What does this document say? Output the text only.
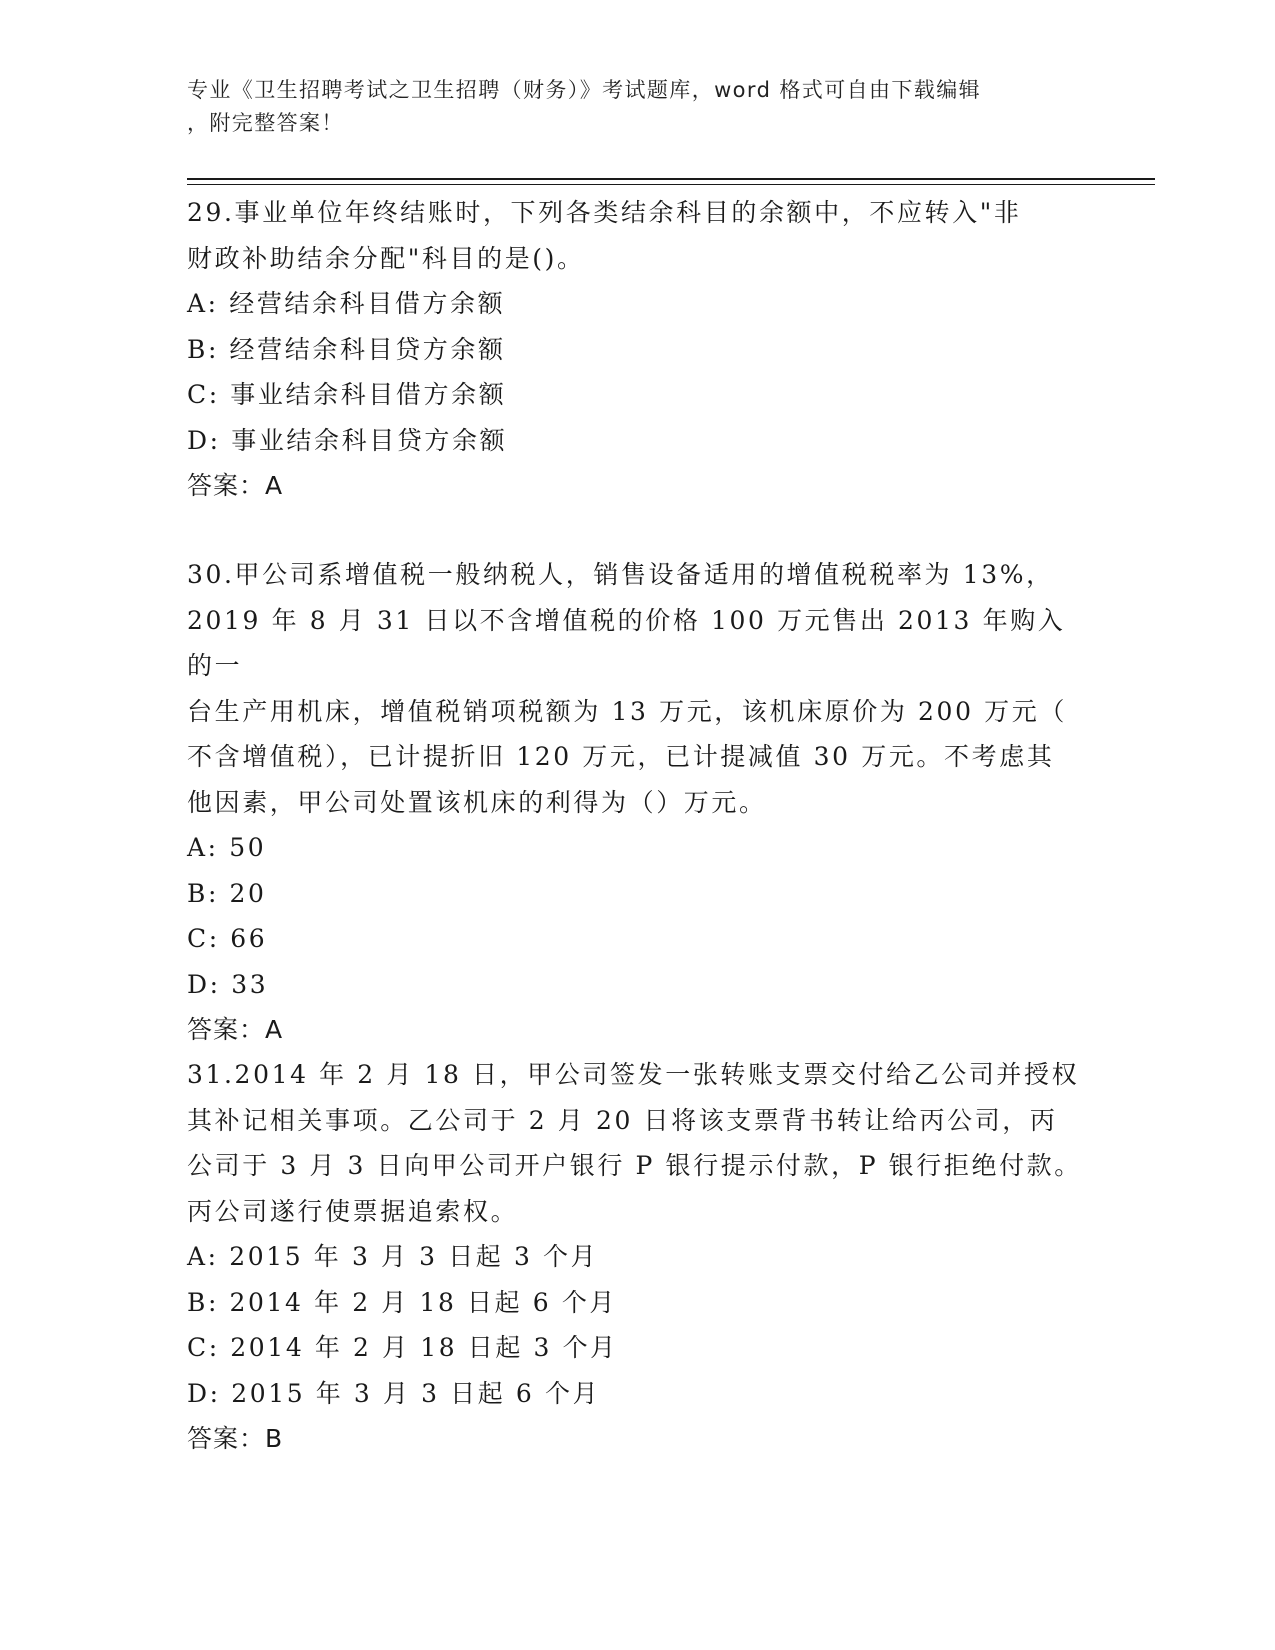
专业《卫生招聘考试之卫生招聘（财务）》考试题库，word 格式可自由下载编辑
，附完整答案！

29.事业单位年终结账时，下列各类结余科目的余额中，不应转入"非

财政补助结余分配"科目的是()。

A: 经营结余科目借方余额

B: 经营结余科目贷方余额

C: 事业结余科目借方余额

D: 事业结余科目贷方余额

答案：A

30.甲公司系增值税一般纳税人，销售设备适用的增值税税率为 13%，

2019 年 8 月 31 日以不含增值税的价格 100 万元售出 2013 年购入的一

台生产用机床，增值税销项税额为 13 万元，该机床原价为 200 万元（

不含增值税），已计提折旧 120 万元，已计提减值 30 万元。不考虑其

他因素，甲公司处置该机床的利得为（）万元。

A: 50

B: 20

C: 66

D: 33

答案：A

31.2014 年 2 月 18 日，甲公司签发一张转账支票交付给乙公司并授权

其补记相关事项。乙公司于 2 月 20 日将该支票背书转让给丙公司，丙

公司于 3 月 3 日向甲公司开户银行 P 银行提示付款，P 银行拒绝付款。

丙公司遂行使票据追索权。

A: 2015 年 3 月 3 日起 3 个月

B: 2014 年 2 月 18 日起 6 个月

C: 2014 年 2 月 18 日起 3 个月

D: 2015 年 3 月 3 日起 6 个月

答案：B
